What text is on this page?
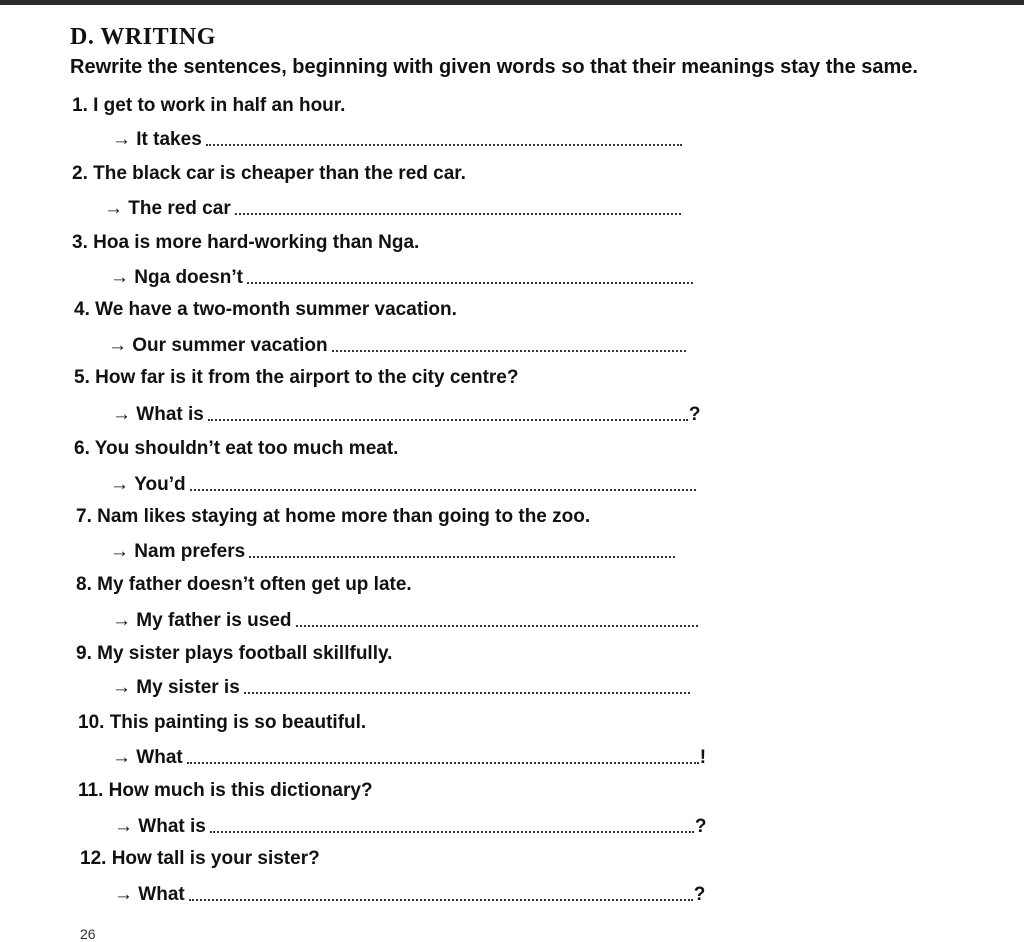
D. WRITING
Rewrite the sentences, beginning with given words so that their meanings stay the same.
1. I get to work in half an hour.
→
It takes
2. The black car is cheaper than the red car.
→
The red car
3. Hoa is more hard-working than Nga.
→
Nga doesn’t
4. We have a two-month summer vacation.
→
Our summer vacation
5. How far is it from the airport to the city centre?
→
What is	?
6. You shouldn’t eat too much meat.
→
You’d
7. Nam likes staying at home more than going to the zoo.
→
Nam prefers
8. My father doesn’t often get up late.
→
My father is used
9. My sister plays football skillfully.
→
My sister is
10. This painting is so beautiful.
→
What	!
11. How much is this dictionary?
→
What is	?
12. How tall is your sister?
→
What	?
26
